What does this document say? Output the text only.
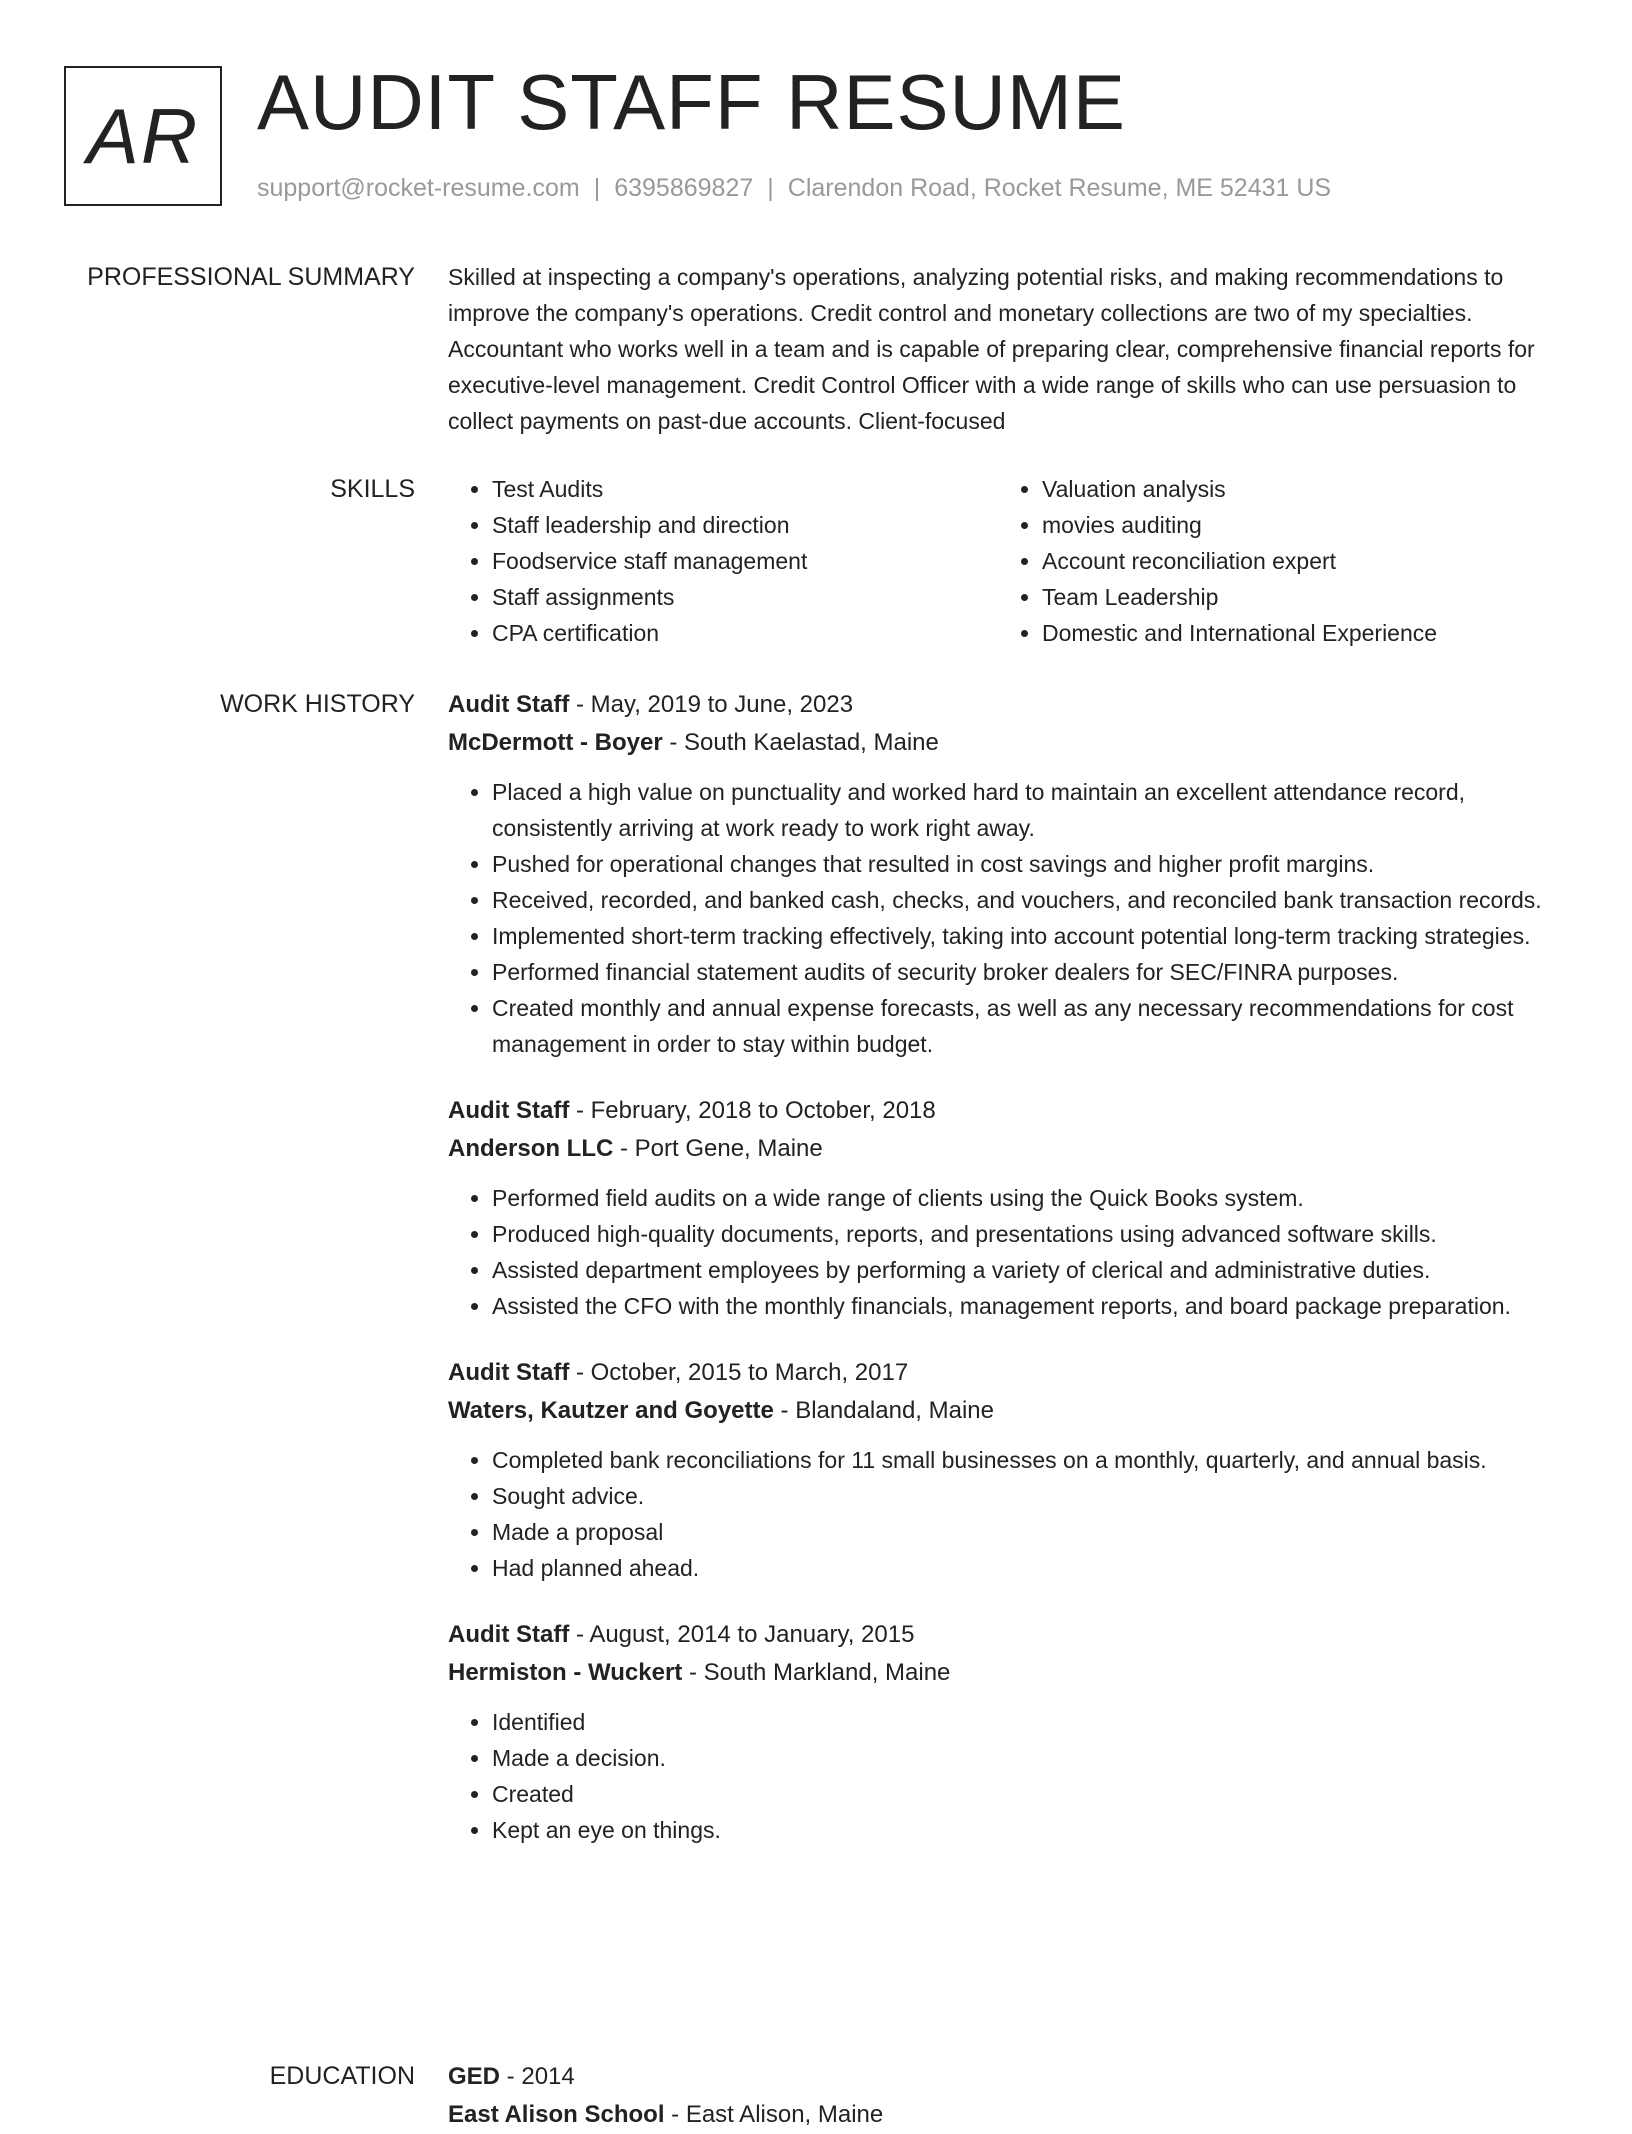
AR AUDIT STAFF RESUME
support@rocket-resume.com | 6395869827 | Clarendon Road, Rocket Resume, ME 52431 US
PROFESSIONAL SUMMARY Skilled at inspecting a company's operations, analyzing potential risks, and making recommendations to improve the company's operations. Credit control and monetary collections are two of my specialties. Accountant who works well in a team and is capable of preparing clear, comprehensive financial reports for executive-level management. Credit Control Officer with a wide range of skills who can use persuasion to collect payments on past-due accounts. Client-focused

SKILLS
•	Test Audits
• Staff leadership and direction
• Foodservice staff management
• Staff assignments
• CPA certification
• Valuation analysis
• movies auditing
• Account reconciliation expert
• Team Leadership
• Domestic and International Experience
WORK HISTORY Audit Staff - May, 2019 to June, 2023
McDermott - Boyer - South Kaelastad, Maine
• Placed a high value on punctuality and worked hard to maintain an excellent attendance record, consistently arriving at work ready to work right away.
• Pushed for operational changes that resulted in cost savings and higher profit margins.
• Received, recorded, and banked cash, checks, and vouchers, and reconciled bank transaction records.
• Implemented short-term tracking effectively, taking into account potential long-term tracking strategies.
• Performed financial statement audits of security broker dealers for SEC/FINRA purposes.
• Created monthly and annual expense forecasts, as well as any necessary recommendations for cost management in order to stay within budget.
Audit Staff - February, 2018 to October, 2018
Anderson LLC - Port Gene, Maine
• Performed field audits on a wide range of clients using the Quick Books system.
• Produced high-quality documents, reports, and presentations using advanced software skills.
• Assisted department employees by performing a variety of clerical and administrative duties.
• Assisted the CFO with the monthly financials, management reports, and board package preparation.
Audit Staff - October, 2015 to March, 2017
Waters, Kautzer and Goyette - Blandaland, Maine
• Completed bank reconciliations for 11 small businesses on a monthly, quarterly, and annual basis.
• Sought advice.
• Made a proposal
• Had planned ahead.
Audit Staff - August, 2014 to January, 2015
Hermiston - Wuckert - South Markland, Maine
• Identified
• Made a decision.
• Created
• Kept an eye on things.
EDUCATION GED - 2014
East Alison School - East Alison, Maine
